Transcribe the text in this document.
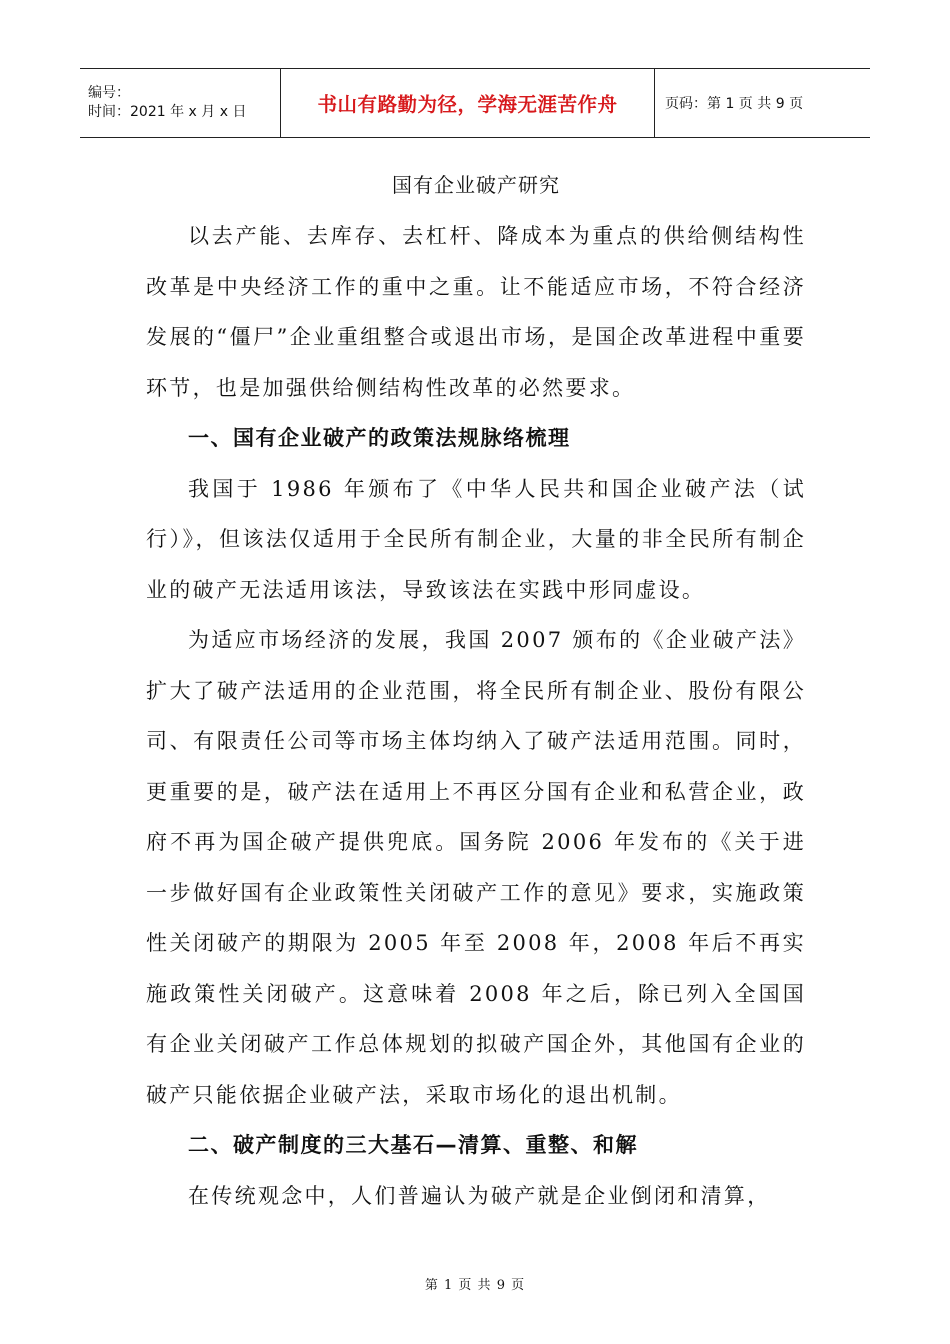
编号：
时间：2021 年 x 月 x 日	书山有路勤为径，学海无涯苦作舟	页码：第 1 页 共 9 页
国有企业破产研究

以去产能、去库存、去杠杆、降成本为重点的供给侧结构性改革是中央经济工作的重中之重。让不能适应市场，不符合经济发展的“僵尸”企业重组整合或退出市场，是国企改革进程中重要环节，也是加强供给侧结构性改革的必然要求。

一、国有企业破产的政策法规脉络梳理

我国于 1986 年颁布了《中华人民共和国企业破产法（试行）》，但该法仅适用于全民所有制企业，大量的非全民所有制企业的破产无法适用该法，导致该法在实践中形同虚设。

为适应市场经济的发展，我国 2007 颁布的《企业破产法》扩大了破产法适用的企业范围，将全民所有制企业、股份有限公司、有限责任公司等市场主体均纳入了破产法适用范围。同时，更重要的是，破产法在适用上不再区分国有企业和私营企业，政府不再为国企破产提供兜底。国务院 2006 年发布的《关于进一步做好国有企业政策性关闭破产工作的意见》要求，实施政策性关闭破产的期限为 2005 年至 2008 年，2008 年后不再实施政策性关闭破产。这意味着 2008 年之后，除已列入全国国有企业关闭破产工作总体规划的拟破产国企外，其他国有企业的破产只能依据企业破产法，采取市场化的退出机制。

二、破产制度的三大基石—清算、重整、和解

在传统观念中，人们普遍认为破产就是企业倒闭和清算，

第 1 页 共 9 页
